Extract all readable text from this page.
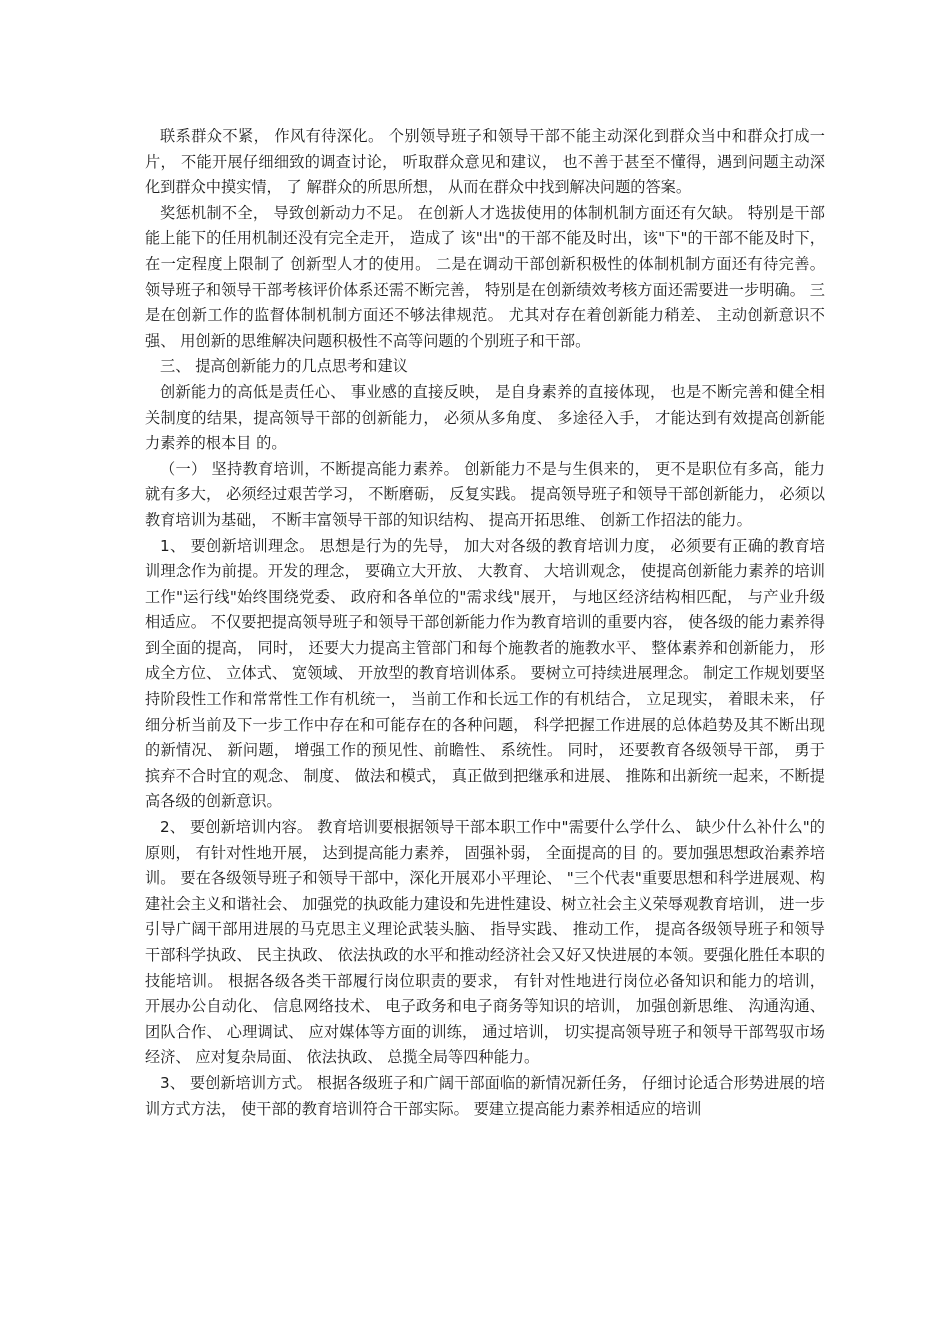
联系群众不紧， 作风有待深化。 个别领导班子和领导干部不能主动深化到群众当中和群众打成一片， 不能开展仔细细致的调查讨论， 听取群众意见和建议， 也不善于甚至不懂得，遇到问题主动深化到群众中摸实情， 了 解群众的所思所想， 从而在群众中找到解决问题的答案。

奖惩机制不全， 导致创新动力不足。 在创新人才选拔使用的体制机制方面还有欠缺。 特别是干部能上能下的任用机制还没有完全走开， 造成了 该"出"的干部不能及时出，该"下"的干部不能及时下， 在一定程度上限制了 创新型人才的使用。 二是在调动干部创新积极性的体制机制方面还有待完善。 领导班子和领导干部考核评价体系还需不断完善， 特别是在创新绩效考核方面还需要进一步明确。 三是在创新工作的监督体制机制方面还不够法律规范。 尤其对存在着创新能力稍差、 主动创新意识不强、 用创新的思维解决问题积极性不高等问题的个别班子和干部。

三、 提高创新能力的几点思考和建议

创新能力的高低是责任心、 事业感的直接反映， 是自身素养的直接体现， 也是不断完善和健全相关制度的结果，提高领导干部的创新能力， 必须从多角度、 多途径入手， 才能达到有效提高创新能力素养的根本目 的。

（一） 坚持教育培训，不断提高能力素养。 创新能力不是与生俱来的， 更不是职位有多高，能力就有多大， 必须经过艰苦学习， 不断磨砺， 反复实践。 提高领导班子和领导干部创新能力， 必须以教育培训为基础， 不断丰富领导干部的知识结构、 提高开拓思维、 创新工作招法的能力。

1、 要创新培训理念。 思想是行为的先导， 加大对各级的教育培训力度， 必须要有正确的教育培训理念作为前提。开发的理念， 要确立大开放、 大教育、 大培训观念， 使提高创新能力素养的培训工作"运行线"始终围绕党委、 政府和各单位的"需求线"展开， 与地区经济结构相匹配， 与产业升级相适应。 不仅要把提高领导班子和领导干部创新能力作为教育培训的重要内容， 使各级的能力素养得到全面的提高， 同时， 还要大力提高主管部门和每个施教者的施教水平、 整体素养和创新能力， 形成全方位、 立体式、 宽领域、 开放型的教育培训体系。 要树立可持续进展理念。 制定工作规划要坚持阶段性工作和常常性工作有机统一， 当前工作和长远工作的有机结合， 立足现实， 着眼未来， 仔细分析当前及下一步工作中存在和可能存在的各种问题， 科学把握工作进展的总体趋势及其不断出现的新情况、 新问题， 增强工作的预见性、前瞻性、 系统性。 同时， 还要教育各级领导干部， 勇于摈弃不合时宜的观念、 制度、 做法和模式， 真正做到把继承和进展、 推陈和出新统一起来，不断提高各级的创新意识。

2、 要创新培训内容。 教育培训要根据领导干部本职工作中"需要什么学什么、 缺少什么补什么"的原则， 有针对性地开展， 达到提高能力素养， 固强补弱， 全面提高的目 的。要加强思想政治素养培训。 要在各级领导班子和领导干部中，深化开展邓小平理论、 "三个代表"重要思想和科学进展观、构建社会主义和谐社会、 加强党的执政能力建设和先进性建设、树立社会主义荣辱观教育培训， 进一步引导广阔干部用进展的马克思主义理论武装头脑、 指导实践、 推动工作， 提高各级领导班子和领导干部科学执政、 民主执政、 依法执政的水平和推动经济社会又好又快进展的本领。要强化胜任本职的技能培训。 根据各级各类干部履行岗位职责的要求， 有针对性地进行岗位必备知识和能力的培训， 开展办公自动化、 信息网络技术、 电子政务和电子商务等知识的培训， 加强创新思维、 沟通沟通、 团队合作、 心理调试、 应对媒体等方面的训练， 通过培训， 切实提高领导班子和领导干部驾驭市场经济、 应对复杂局面、 依法执政、 总揽全局等四种能力。

3、 要创新培训方式。 根据各级班子和广阔干部面临的新情况新任务， 仔细讨论适合形势进展的培训方式方法， 使干部的教育培训符合干部实际。 要建立提高能力素养相适应的培训
